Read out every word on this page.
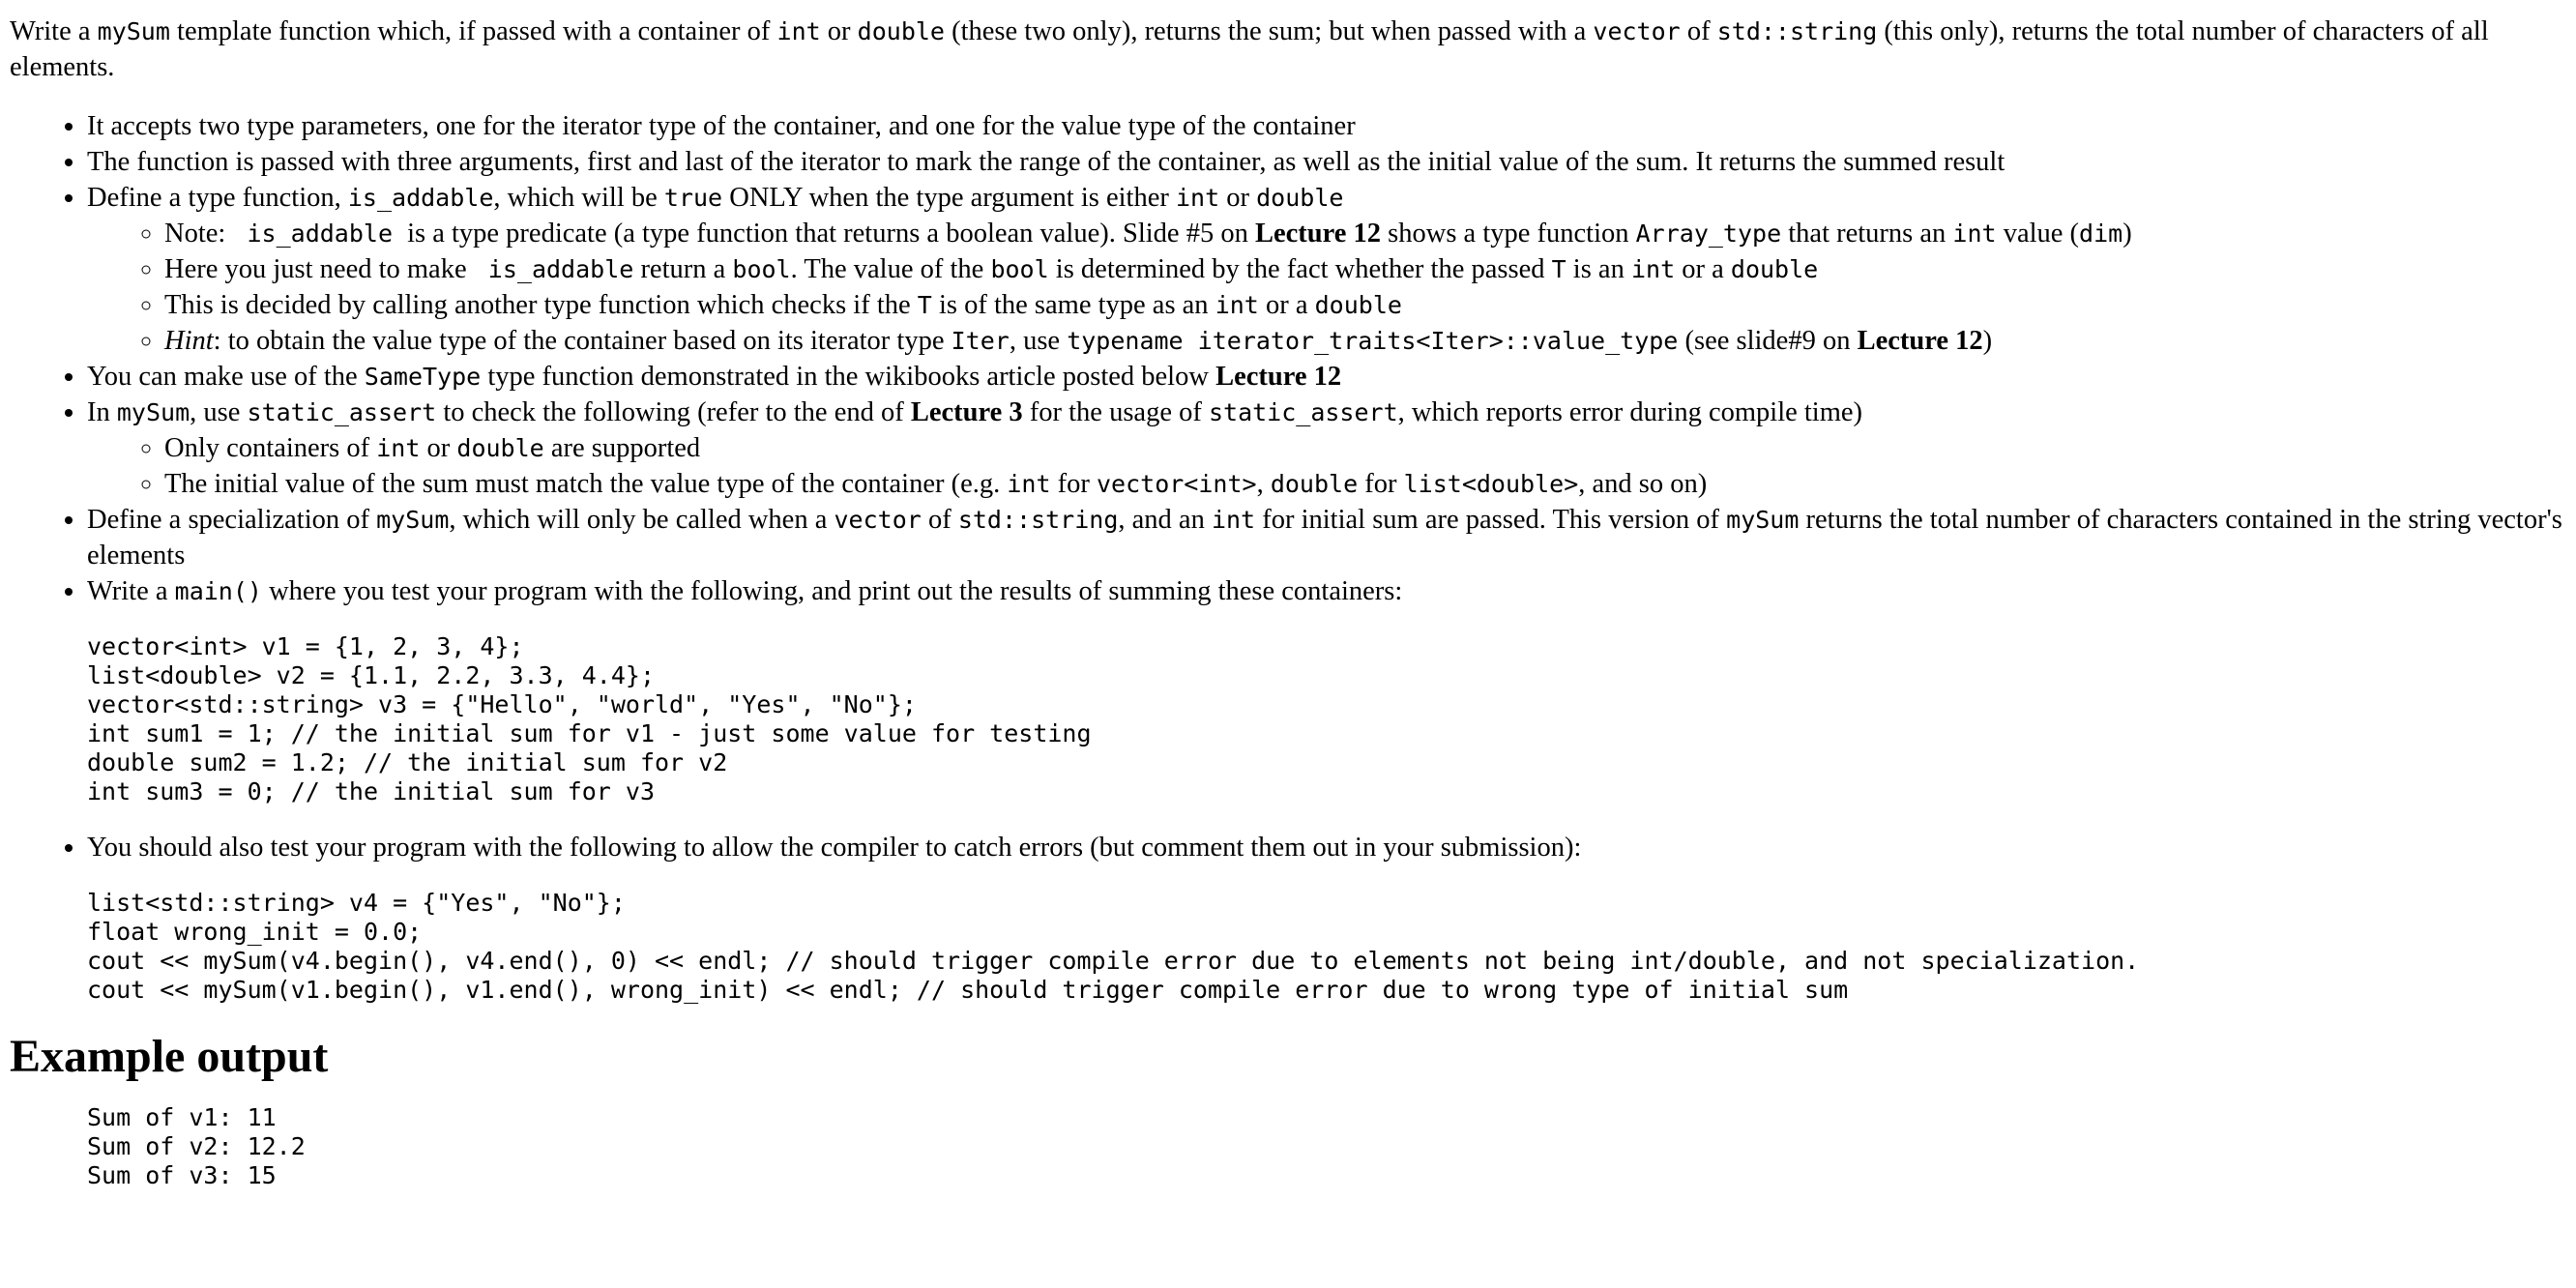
Write a mySum template function which, if passed with a container of int or double (these two only), returns the sum; but when passed with a vector of std::string (this only), returns the total number of characters of all elements.

• It accepts two type parameters, one for the iterator type of the container, and one for the value type of the container
• The function is passed with three arguments, first and last of the iterator to mark the range of the container, as well as the initial value of the sum. It returns the summed result
• Define a type function, is_addable, which will be true ONLY when the type argument is either int or double
◦ Note:  is_addable is a type predicate (a type function that returns a boolean value). Slide #5 on Lecture 12 shows a type function Array_type that returns an int value (dim)
◦ Here you just need to make  is_addable return a bool. The value of the bool is determined by the fact whether the passed T is an int or a double
◦ This is decided by calling another type function which checks if the T is of the same type as an int or a double
◦ Hint: to obtain the value type of the container based on its iterator type Iter, use typename iterator_traits<Iter>::value_type (see slide#9 on Lecture 12)
• You can make use of the SameType type function demonstrated in the wikibooks article posted below Lecture 12
• In mySum, use static_assert to check the following (refer to the end of Lecture 3 for the usage of static_assert, which reports error during compile time)
◦ Only containers of int or double are supported
◦ The initial value of the sum must match the value type of the container (e.g. int for vector<int>, double for list<double>, and so on)
• Define a specialization of mySum, which will only be called when a vector of std::string, and an int for initial sum are passed. This version of mySum returns the total number of characters contained in the string vector's elements
• Write a main() where you test your program with the following, and print out the results of summing these containers:
vector<int> v1 = {1, 2, 3, 4};
list<double> v2 = {1.1, 2.2, 3.3, 4.4};
vector<std::string> v3 = {"Hello", "world", "Yes", "No"};
int sum1 = 1; // the initial sum for v1 - just some value for testing
double sum2 = 1.2; // the initial sum for v2
int sum3 = 0; // the initial sum for v3
• You should also test your program with the following to allow the compiler to catch errors (but comment them out in your submission):
list<std::string> v4 = {"Yes", "No"};
float wrong_init = 0.0;
cout << mySum(v4.begin(), v4.end(), 0) << endl; // should trigger compile error due to elements not being int/double, and not specialization.
cout << mySum(v1.begin(), v1.end(), wrong_init) << endl; // should trigger compile error due to wrong type of initial sum
Example output
Sum of v1: 11
Sum of v2: 12.2
Sum of v3: 15
